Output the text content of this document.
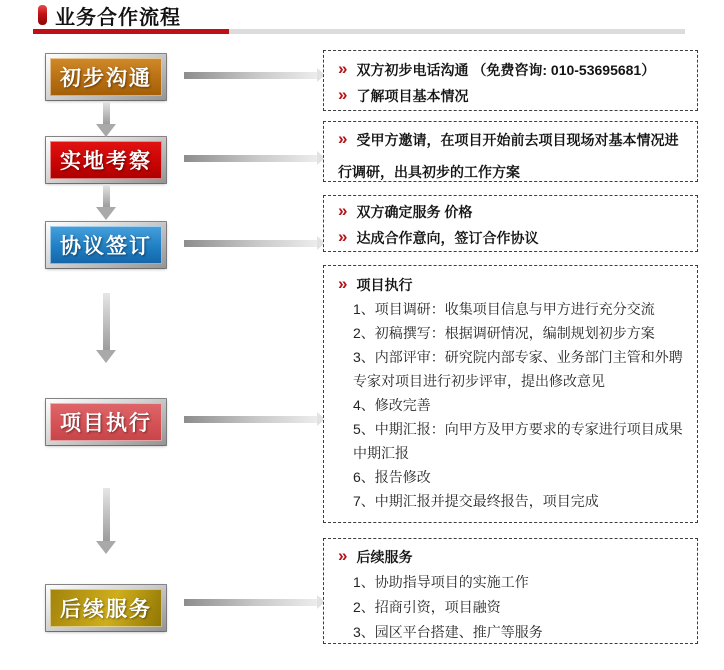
业务合作流程
初步沟通
实地考察
协议签订
项目执行
后续服务
» 双方初步电话沟通 （免费咨询: 010-53695681）
» 了解项目基本情况
» 受甲方邀请，在项目开始前去项目现场对基本情况进行调研，出具初步的工作方案
» 双方确定服务 价格
» 达成合作意向，签订合作协议
» 项目执行
1、项目调研：收集项目信息与甲方进行充分交流
2、初稿撰写：根据调研情况，编制规划初步方案
3、内部评审：研究院内部专家、业务部门主管和外聘专家对项目进行初步评审，提出修改意见
4、修改完善
5、中期汇报：向甲方及甲方要求的专家进行项目成果中期汇报
6、报告修改
7、中期汇报并提交最终报告，项目完成
» 后续服务
1、协助指导项目的实施工作
2、招商引资，项目融资
3、园区平台搭建、推广等服务
